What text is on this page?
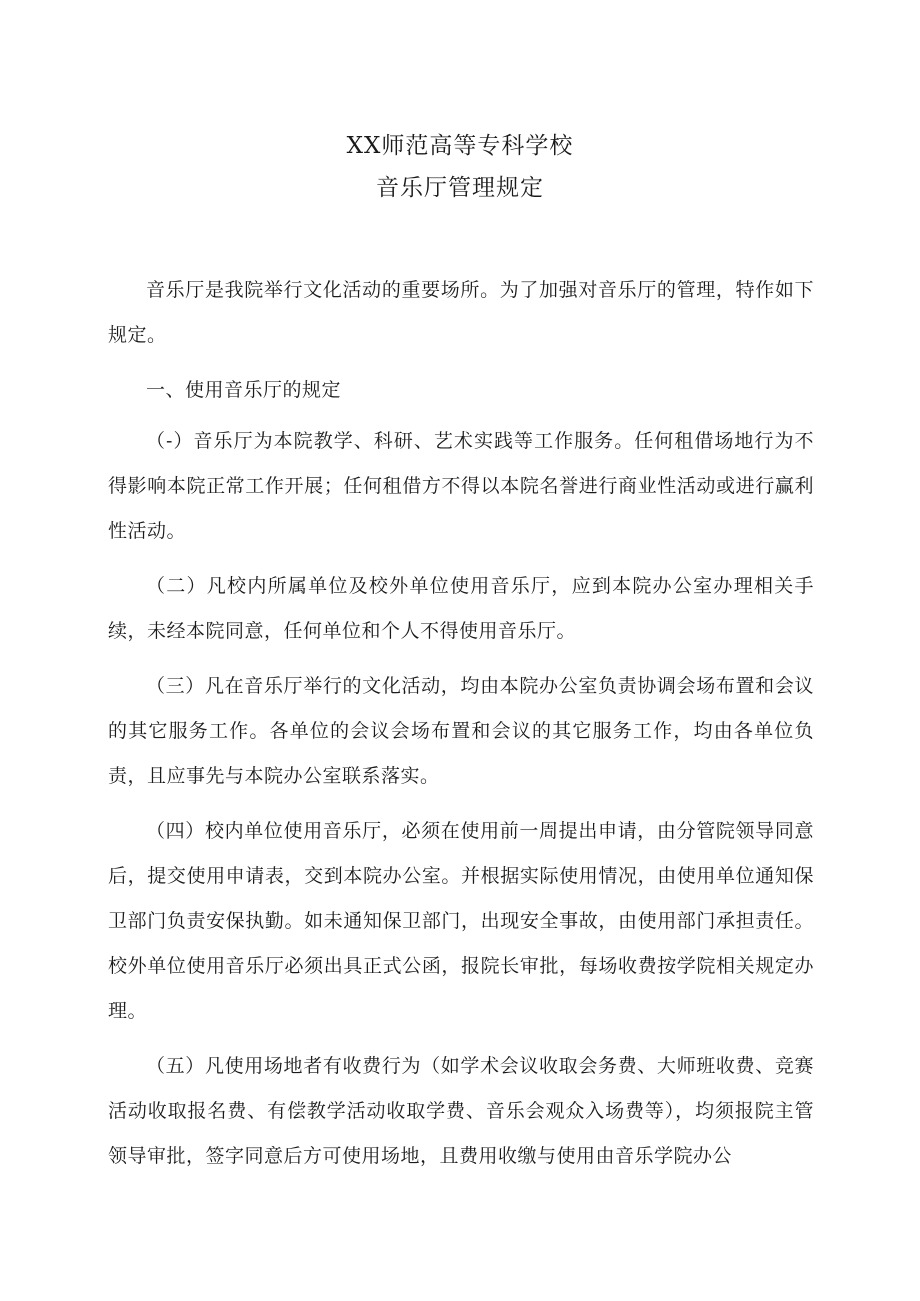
XX师范高等专科学校
音乐厅管理规定

音乐厅是我院举行文化活动的重要场所。为了加强对音乐厅的管理，特作如下规定。

一、使用音乐厅的规定

（-）音乐厅为本院教学、科研、艺术实践等工作服务。任何租借场地行为不得影响本院正常工作开展；任何租借方不得以本院名誉进行商业性活动或进行赢利性活动。

（二）凡校内所属单位及校外单位使用音乐厅，应到本院办公室办理相关手续，未经本院同意，任何单位和个人不得使用音乐厅。

（三）凡在音乐厅举行的文化活动，均由本院办公室负责协调会场布置和会议的其它服务工作。各单位的会议会场布置和会议的其它服务工作，均由各单位负责，且应事先与本院办公室联系落实。

（四）校内单位使用音乐厅，必须在使用前一周提出申请，由分管院领导同意后，提交使用申请表，交到本院办公室。并根据实际使用情况，由使用单位通知保卫部门负责安保执勤。如未通知保卫部门，出现安全事故，由使用部门承担责任。校外单位使用音乐厅必须出具正式公函，报院长审批，每场收费按学院相关规定办理。

（五）凡使用场地者有收费行为（如学术会议收取会务费、大师班收费、竞赛活动收取报名费、有偿教学活动收取学费、音乐会观众入场费等），均须报院主管领导审批，签字同意后方可使用场地，且费用收缴与使用由音乐学院办公
